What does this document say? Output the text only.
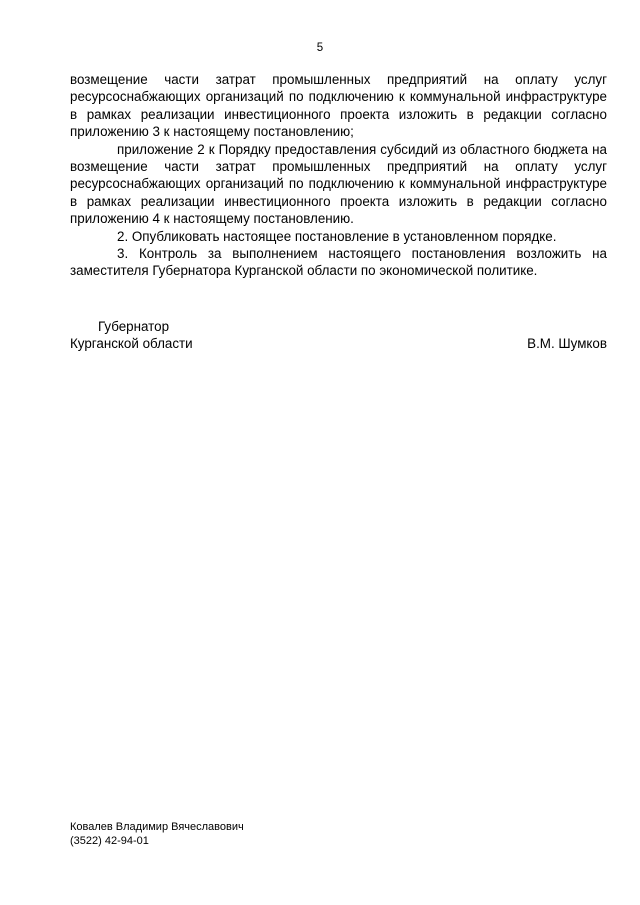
5

возмещение части затрат промышленных предприятий на оплату услуг ресурсоснабжающих организаций по подключению к коммунальной инфраструктуре в рамках реализации инвестиционного проекта изложить в редакции согласно приложению 3 к настоящему постановлению;

приложение 2 к Порядку предоставления субсидий из областного бюджета на возмещение части затрат промышленных предприятий на оплату услуг ресурсоснабжающих организаций по подключению к коммунальной инфраструктуре в рамках реализации инвестиционного проекта изложить в редакции согласно приложению 4 к настоящему постановлению.

2. Опубликовать настоящее постановление в установленном порядке.

3. Контроль за выполнением настоящего постановления возложить на заместителя Губернатора Курганской области по экономической политике.

Губернатор
Курганской области	В.М. Шумков
Ковалев Владимир Вячеславович
(3522) 42-94-01
